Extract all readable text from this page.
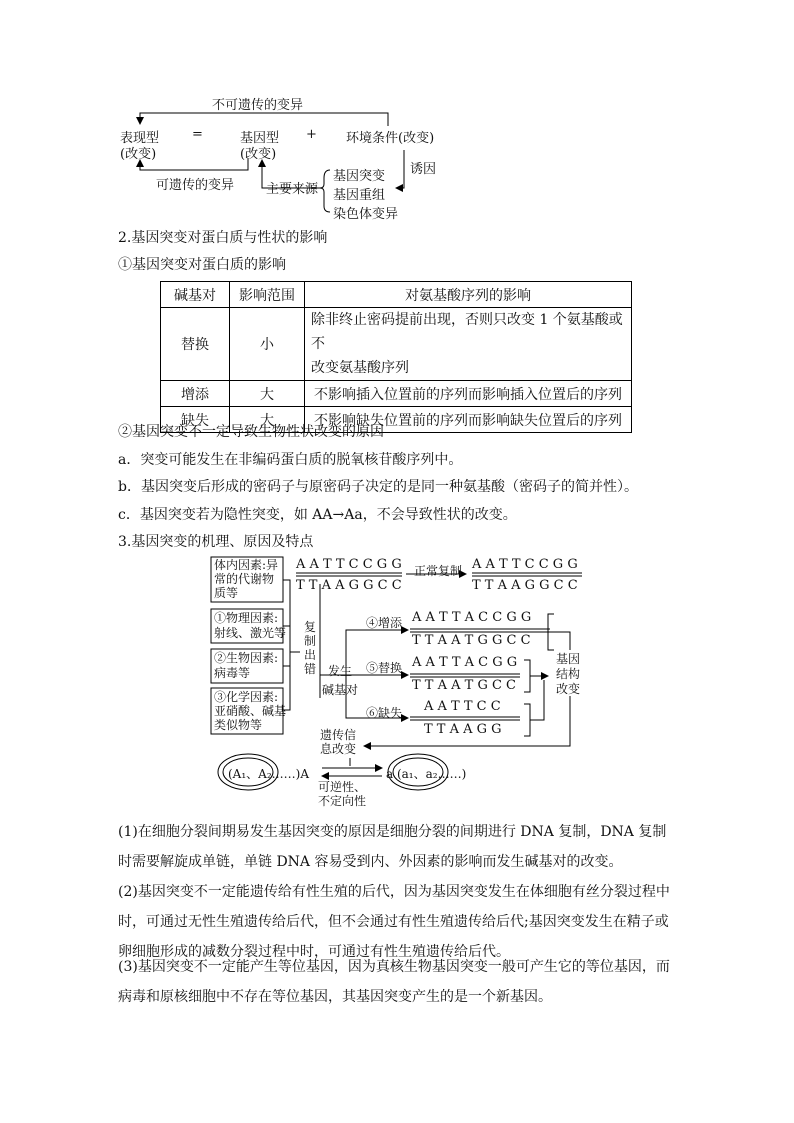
不可遗传的变异
表现型
(改变)
=	基因型
(改变)
+ 环境条件(改变)
可遗传的变异 主要来源
基因突变
基因重组
染色体变异
诱因
2.基因突变对蛋白质与性状的影响
①基因突变对蛋白质的影响
碱基对	影响范围	对氨基酸序列的影响
替换	小	除非终止密码提前出现，否则只改变 1 个氨基酸或不
改变氨基酸序列

增添	大	不影响插入位置前的序列而影响插入位置后的序列
缺失	大	不影响缺失位置前的序列而影响缺失位置后的序列
②基因突变不一定导致生物性状改变的原因
a．突变可能发生在非编码蛋白质的脱氧核苷酸序列中。
b．基因突变后形成的密码子与原密码子决定的是同一种氨基酸（密码子的简并性）。
c．基因突变若为隐性突变，如 AA→Aa，不会导致性状的改变。
3.基因突变的机理、原因及特点
体内因素:异
常的代谢物
质等
①物理因素:
射线、激光等
②生物因素:
病毒等
③化学因素:
亚硝酸、碱基
类似物等
A A T T C C G G
T T A A G G C C
正常复制 A A T T C C G G
T T A A G G C C
复
制
出
错 发生
碱基对
④增添 A A T T A C C G G
T T A A T G G C C
⑤替换 A A T T A C G G
T T A A T G C C
⑥缺失 A A T T C C
T T A A G G
基因
结构
改变
遗传信
息改变
(A₁、A₂……)A	a (a₁、a₂……)
可逆性、
不定向性
(1)在细胞分裂间期易发生基因突变的原因是细胞分裂的间期进行 DNA 复制，DNA 复制时需要解旋成单链，单链 DNA 容易受到内、外因素的影响而发生碱基对的改变。
(2)基因突变不一定能遗传给有性生殖的后代，因为基因突变发生在体细胞有丝分裂过程中时，可通过无性生殖遗传给后代，但不会通过有性生殖遗传给后代;基因突变发生在精子或卵细胞形成的减数分裂过程中时，可通过有性生殖遗传给后代。
(3)基因突变不一定能产生等位基因，因为真核生物基因突变一般可产生它的等位基因，而病毒和原核细胞中不存在等位基因，其基因突变产生的是一个新基因。
